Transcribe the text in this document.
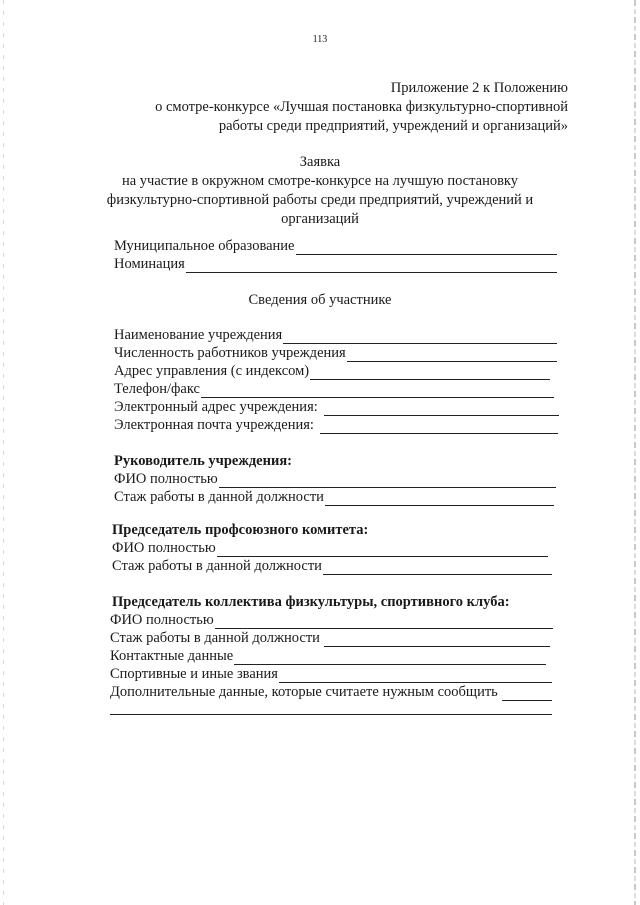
113
Приложение 2 к Положению
о смотре-конкурсе «Лучшая постановка физкультурно-спортивной
работы среди предприятий, учреждений и организаций»
Заявка
на участие в окружном смотре-конкурсе на лучшую постановку
физкультурно-спортивной работы среди предприятий, учреждений и
организаций
Муниципальное образование
Номинация
Сведения об участнике
Наименование учреждения
Численность работников учреждения
Адрес управления (с индексом)
Телефон/факс
Электронный адрес учреждения:
Электронная почта учреждения:
Руководитель учреждения:
ФИО полностью
Стаж работы в данной должности
Председатель профсоюзного комитета:
ФИО полностью
Стаж работы в данной должности
Председатель коллектива физкультуры, спортивного клуба:
ФИО полностью
Стаж работы в данной должности
Контактные данные
Спортивные и иные звания
Дополнительные данные, которые считаете нужным сообщить
